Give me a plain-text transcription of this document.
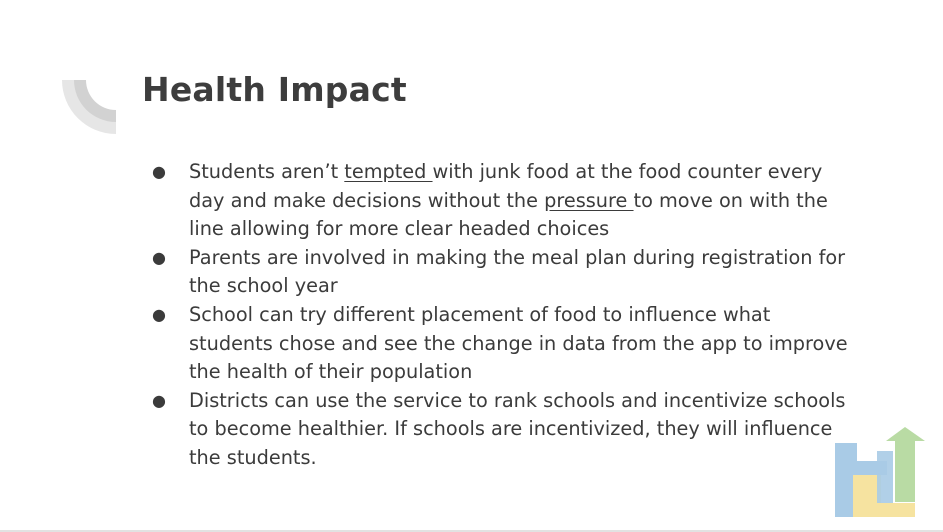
Health Impact
● Students aren’t tempted with junk food at the food counter every day and make decisions without the pressure to move on with the line allowing for more clear headed choices
● Parents are involved in making the meal plan during registration for the school year
● School can try different placement of food to influence what students chose and see the change in data from the app to improve the health of their population
● Districts can use the service to rank schools and incentivize schools to become healthier. If schools are incentivized, they will influence the students.
